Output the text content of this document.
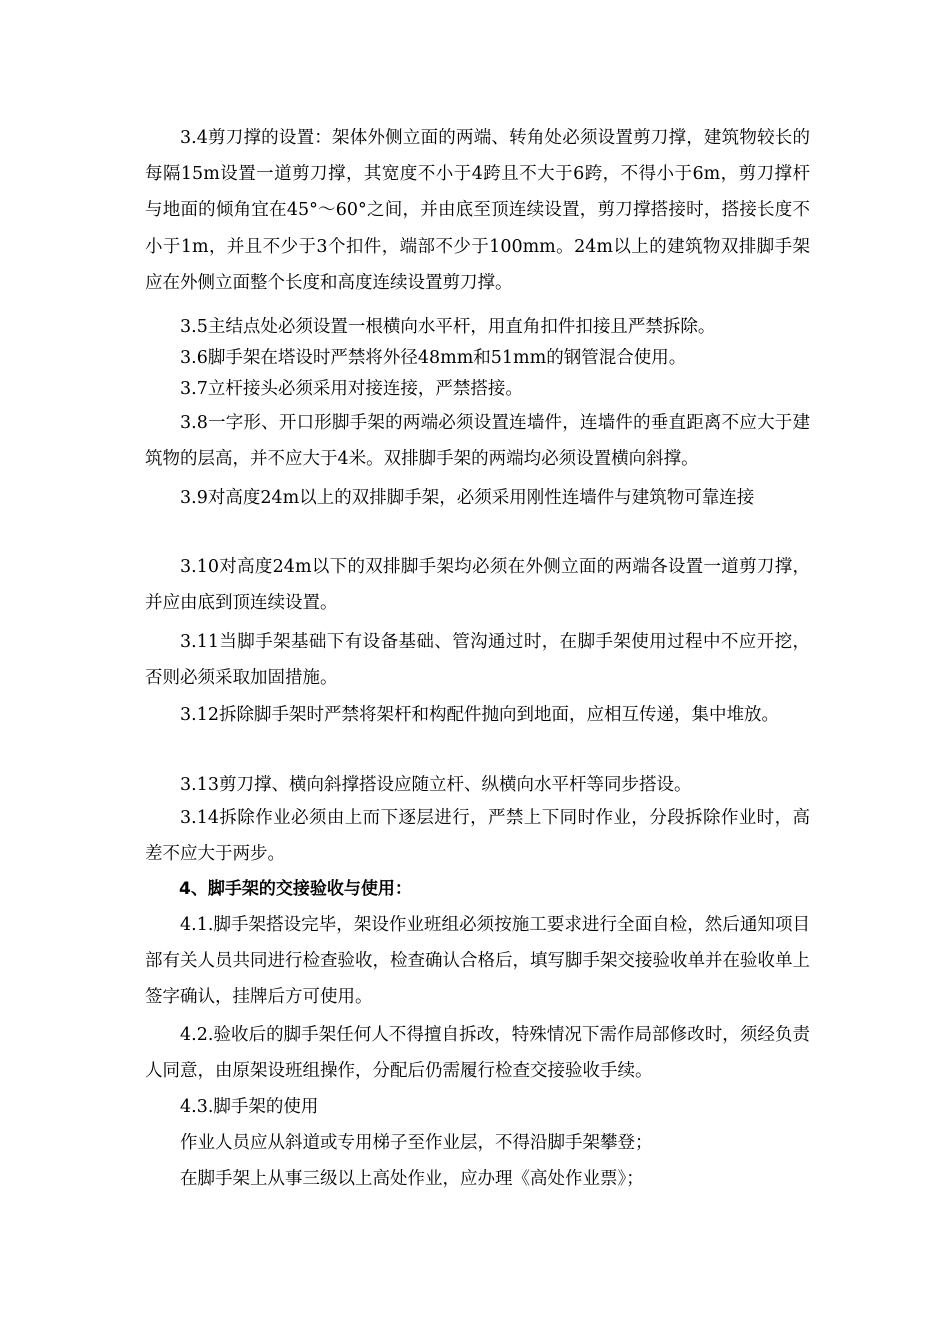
3.4剪刀撑的设置：架体外侧立面的两端、转角处必须设置剪刀撑，建筑物较长的每隔15m设置一道剪刀撑，其宽度不小于4跨且不大于6跨，不得小于6m，剪刀撑杆与地面的倾角宜在45°～60°之间，并由底至顶连续设置，剪刀撑搭接时，搭接长度不小于1m，并且不少于3个扣件，端部不少于100mm。24m以上的建筑物双排脚手架应在外侧立面整个长度和高度连续设置剪刀撑。

3.5主结点处必须设置一根横向水平杆，用直角扣件扣接且严禁拆除。

3.6脚手架在塔设时严禁将外径48mm和51mm的钢管混合使用。

3.7立杆接头必须采用对接连接，严禁搭接。

3.8一字形、开口形脚手架的两端必须设置连墙件，连墙件的垂直距离不应大于建筑物的层高，并不应大于4米。双排脚手架的两端均必须设置横向斜撑。

3.9对高度24m以上的双排脚手架，必须采用刚性连墙件与建筑物可靠连接

3.10对高度24m以下的双排脚手架均必须在外侧立面的两端各设置一道剪刀撑，并应由底到顶连续设置。

3.11当脚手架基础下有设备基础、管沟通过时，在脚手架使用过程中不应开挖，否则必须采取加固措施。

3.12拆除脚手架时严禁将架杆和构配件抛向到地面，应相互传递，集中堆放。

3.13剪刀撑、横向斜撑搭设应随立杆、纵横向水平杆等同步搭设。

3.14拆除作业必须由上而下逐层进行，严禁上下同时作业，分段拆除作业时，高差不应大于两步。

4、脚手架的交接验收与使用：

4.1.脚手架搭设完毕，架设作业班组必须按施工要求进行全面自检，然后通知项目部有关人员共同进行检查验收，检查确认合格后，填写脚手架交接验收单并在验收单上签字确认，挂牌后方可使用。

4.2.验收后的脚手架任何人不得擅自拆改，特殊情况下需作局部修改时，须经负责人同意，由原架设班组操作，分配后仍需履行检查交接验收手续。

4.3.脚手架的使用

作业人员应从斜道或专用梯子至作业层，不得沿脚手架攀登；

在脚手架上从事三级以上高处作业，应办理《高处作业票》；
